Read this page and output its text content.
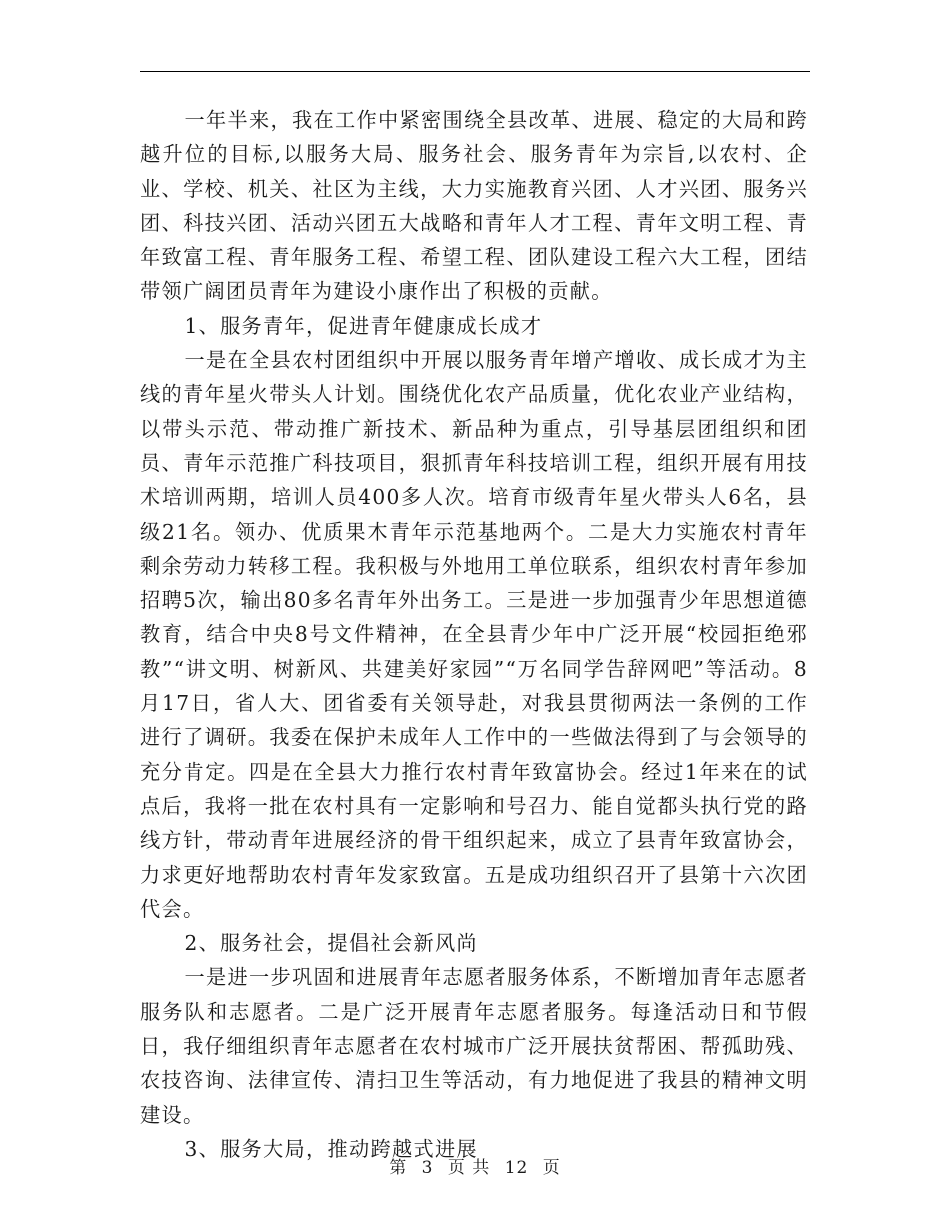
一年半来，我在工作中紧密围绕全县改革、进展、稳定的大局和跨越升位的目标,以服务大局、服务社会、服务青年为宗旨,以农村、企业、学校、机关、社区为主线，大力实施教育兴团、人才兴团、服务兴团、科技兴团、活动兴团五大战略和青年人才工程、青年文明工程、青年致富工程、青年服务工程、希望工程、团队建设工程六大工程，团结带领广阔团员青年为建设小康作出了积极的贡献。

1、服务青年，促进青年健康成长成才

一是在全县农村团组织中开展以服务青年增产增收、成长成才为主线的青年星火带头人计划。围绕优化农产品质量，优化农业产业结构，以带头示范、带动推广新技术、新品种为重点，引导基层团组织和团员、青年示范推广科技项目，狠抓青年科技培训工程，组织开展有用技术培训两期，培训人员400多人次。培育市级青年星火带头人6名，县级21名。领办、优质果木青年示范基地两个。二是大力实施农村青年剩余劳动力转移工程。我积极与外地用工单位联系，组织农村青年参加招聘5次，输出80多名青年外出务工。三是进一步加强青少年思想道德教育，结合中央8号文件精神，在全县青少年中广泛开展“校园拒绝邪教”“讲文明、树新风、共建美好家园”“万名同学告辞网吧”等活动。8月17日，省人大、团省委有关领导赴，对我县贯彻两法一条例的工作进行了调研。我委在保护未成年人工作中的一些做法得到了与会领导的充分肯定。四是在全县大力推行农村青年致富协会。经过1年来在的试点后，我将一批在农村具有一定影响和号召力、能自觉都头执行党的路线方针，带动青年进展经济的骨干组织起来，成立了县青年致富协会，力求更好地帮助农村青年发家致富。五是成功组织召开了县第十六次团代会。

2、服务社会，提倡社会新风尚

一是进一步巩固和进展青年志愿者服务体系，不断增加青年志愿者服务队和志愿者。二是广泛开展青年志愿者服务。每逢活动日和节假日，我仔细组织青年志愿者在农村城市广泛开展扶贫帮困、帮孤助残、农技咨询、法律宣传、清扫卫生等活动，有力地促进了我县的精神文明建设。

3、服务大局，推动跨越式进展

第 3 页 共 12 页
